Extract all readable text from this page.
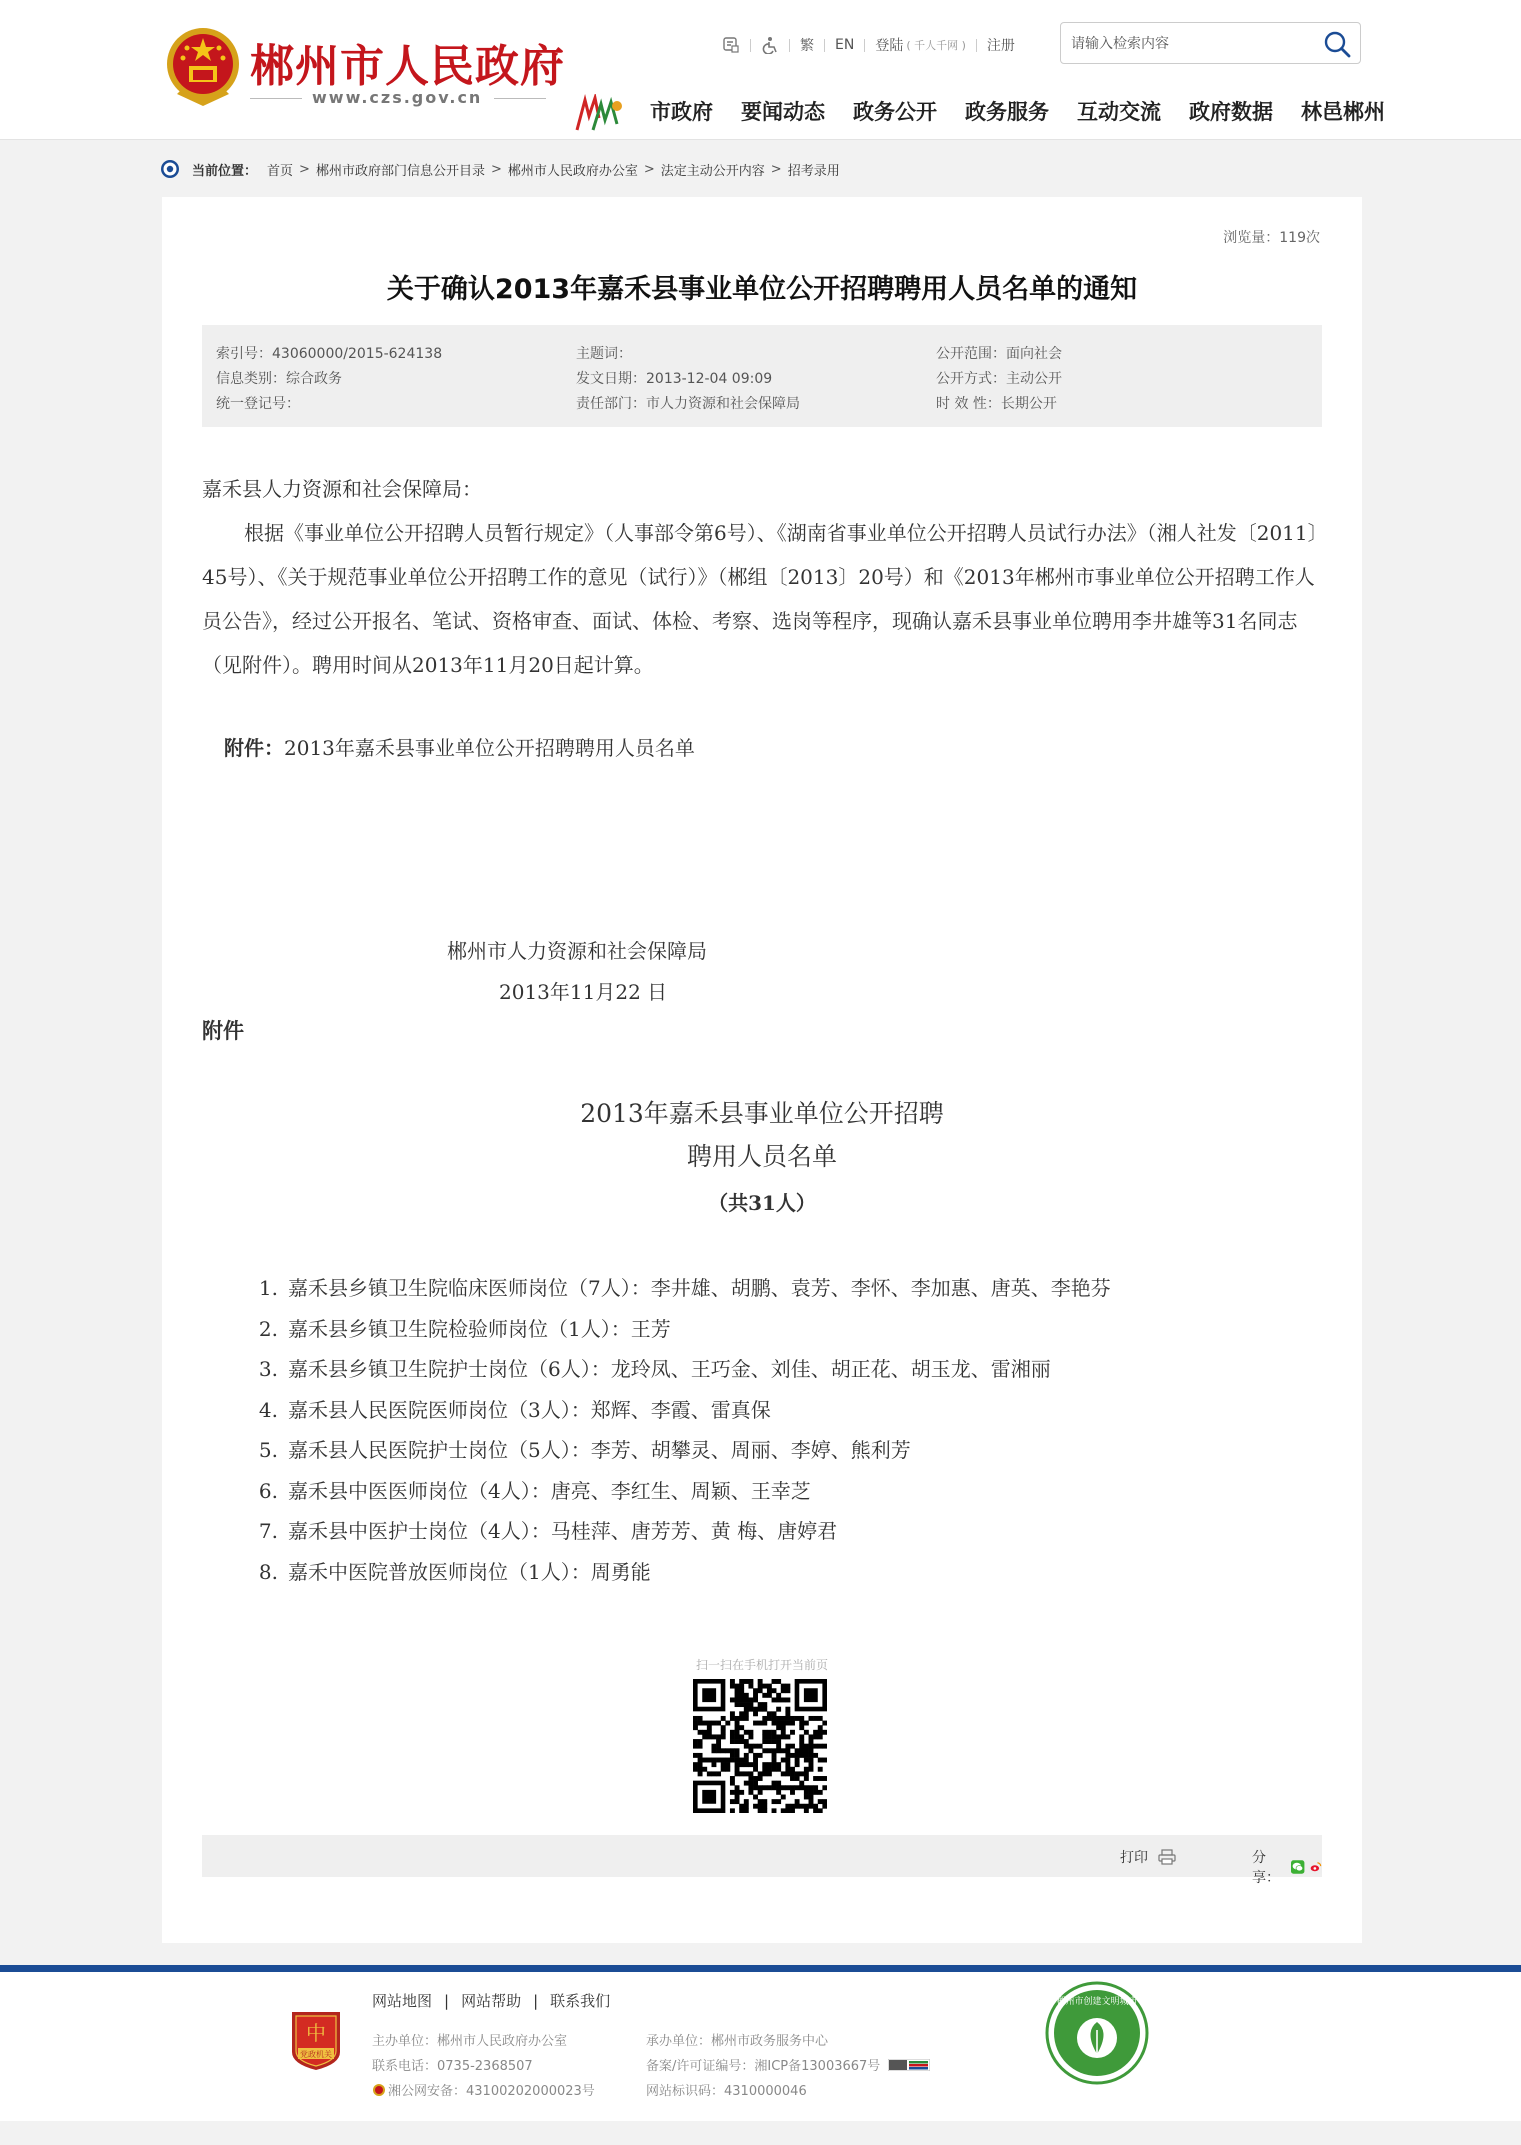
郴州市人民政府
www.czs.gov.cn
繁 EN 登陆 ( 千人千网 ) 注册
请输入检索内容
市政府 要闻动态 政务公开 政务服务 互动交流 政府数据 林邑郴州
当前位置： 首页 > 郴州市政府部门信息公开目录 > 郴州市人民政府办公室 > 法定主动公开内容 > 招考录用
浏览量：119次
关于确认2013年嘉禾县事业单位公开招聘聘用人员名单的通知
索引号：43060000/2015-624138
信息类别：综合政务
统一登记号：
主题词：
发文日期：2013-12-04 09:09
责任部门：市人力资源和社会保障局
公开范围：面向社会
公开方式：主动公开
时 效 性：长期公开

嘉禾县人力资源和社会保障局：

根据《事业单位公开招聘人员暂行规定》（人事部令第6号）、《湖南省事业单位公开招聘人员试行办法》（湘人社发〔2011〕45号）、《关于规范事业单位公开招聘工作的意见（试行）》（郴组〔2013〕20号）和《2013年郴州市事业单位公开招聘工作人员公告》，经过公开报名、笔试、资格审查、面试、体检、考察、选岗等程序，现确认嘉禾县事业单位聘用李井雄等31名同志（见附件）。聘用时间从2013年11月20日起计算。

附件：2013年嘉禾县事业单位公开招聘聘用人员名单
郴州市人力资源和社会保障局
2013年11月22 日
附件
2013年嘉禾县事业单位公开招聘
聘用人员名单
（共31人）
1. 嘉禾县乡镇卫生院临床医师岗位（7人）：李井雄、胡鹏、袁芳、李怀、李加惠、唐英、李艳芬
2. 嘉禾县乡镇卫生院检验师岗位（1人）：王芳
3. 嘉禾县乡镇卫生院护士岗位（6人）：龙玲凤、王巧金、刘佳、胡正花、胡玉龙、雷湘丽
4. 嘉禾县人民医院医师岗位（3人）：郑辉、李霞、雷真保
5. 嘉禾县人民医院护士岗位（5人）：李芳、胡攀灵、周丽、李婷、熊利芳
6. 嘉禾县中医医师岗位（4人）：唐亮、李红生、周颖、王幸芝
7. 嘉禾县中医护士岗位（4人）：马桂萍、唐芳芳、黄 梅、唐婷君
8. 嘉禾中医院普放医师岗位（1人）：周勇能
扫一扫在手机打开当前页
打印	分享：
党政机关
中
网站地图 | 网站帮助 | 联系我们
主办单位：郴州市人民政府办公室
联系电话：0735-2368507
湘公网安备：43100202000023号
承办单位：郴州市政务服务中心
备案/许可证编号：湘ICP备13003667号
网站标识码：4310000046
郴州市创建文明城市
